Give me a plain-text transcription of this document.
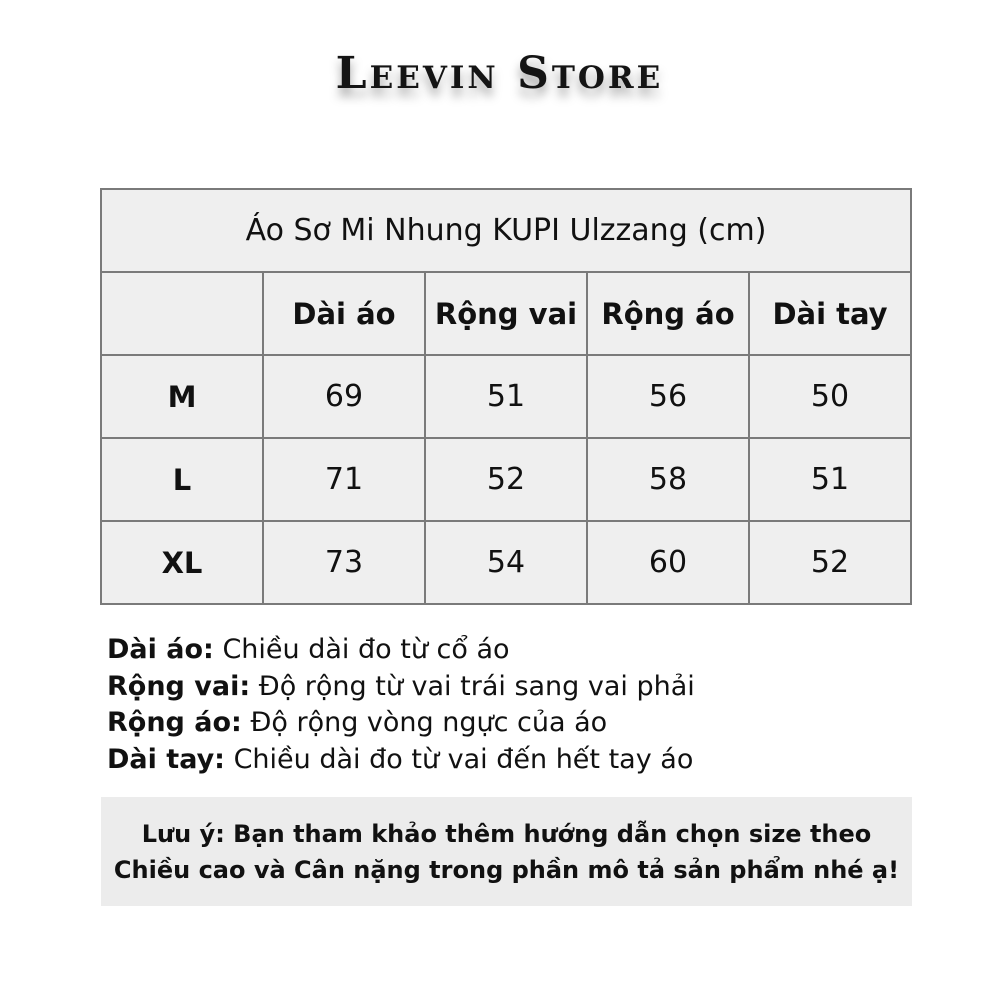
Leevin Store
Áo Sơ Mi Nhung KUPI Ulzzang (cm)				
	Dài áo	Rộng vai	Rộng áo	Dài tay
M	69	51	56	50
L	71	52	58	51
XL	73	54	60	52
Dài áo: Chiều dài đo từ cổ áo
Rộng vai: Độ rộng từ vai trái sang vai phải
Rộng áo: Độ rộng vòng ngực của áo
Dài tay: Chiều dài đo từ vai đến hết tay áo
Lưu ý: Bạn tham khảo thêm hướng dẫn chọn size theo
Chiều cao và Cân nặng trong phần mô tả sản phẩm nhé ạ!
